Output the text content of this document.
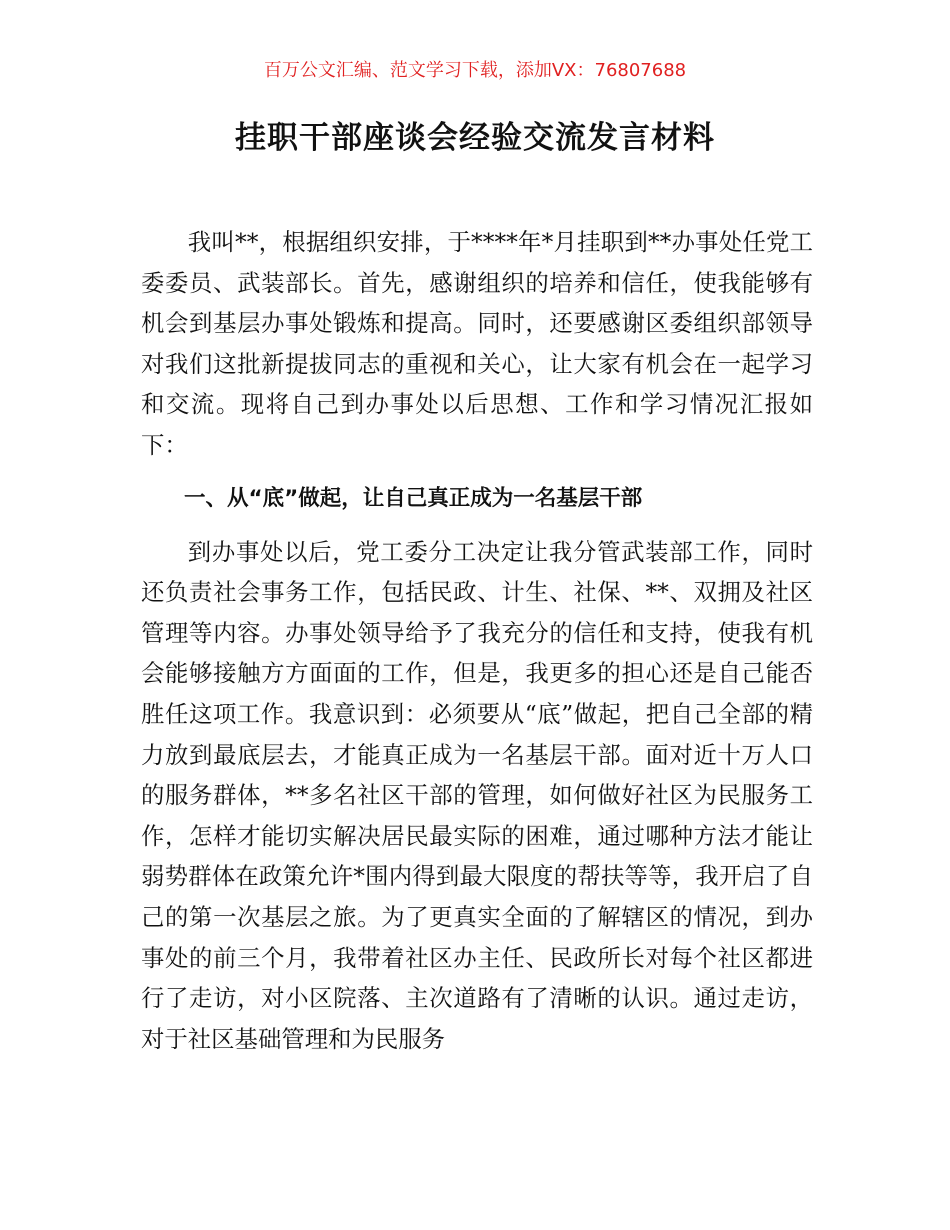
百万公文汇编、范文学习下载，添加VX：76807688
挂职干部座谈会经验交流发言材料

我叫**，根据组织安排，于****年*月挂职到**办事处任党工委委员、武装部长。首先，感谢组织的培养和信任，使我能够有机会到基层办事处锻炼和提高。同时，还要感谢区委组织部领导对我们这批新提拔同志的重视和关心，让大家有机会在一起学习和交流。现将自己到办事处以后思想、工作和学习情况汇报如下：

一、从“底”做起，让自己真正成为一名基层干部

到办事处以后，党工委分工决定让我分管武装部工作，同时还负责社会事务工作，包括民政、计生、社保、**、双拥及社区管理等内容。办事处领导给予了我充分的信任和支持，使我有机会能够接触方方面面的工作，但是，我更多的担心还是自己能否胜任这项工作。我意识到：必须要从“底”做起，把自己全部的精力放到最底层去，才能真正成为一名基层干部。面对近十万人口的服务群体，**多名社区干部的管理，如何做好社区为民服务工作，怎样才能切实解决居民最实际的困难，通过哪种方法才能让弱势群体在政策允许*围内得到最大限度的帮扶等等，我开启了自己的第一次基层之旅。为了更真实全面的了解辖区的情况，到办事处的前三个月，我带着社区办主任、民政所长对每个社区都进行了走访，对小区院落、主次道路有了清晰的认识。通过走访，对于社区基础管理和为民服务
